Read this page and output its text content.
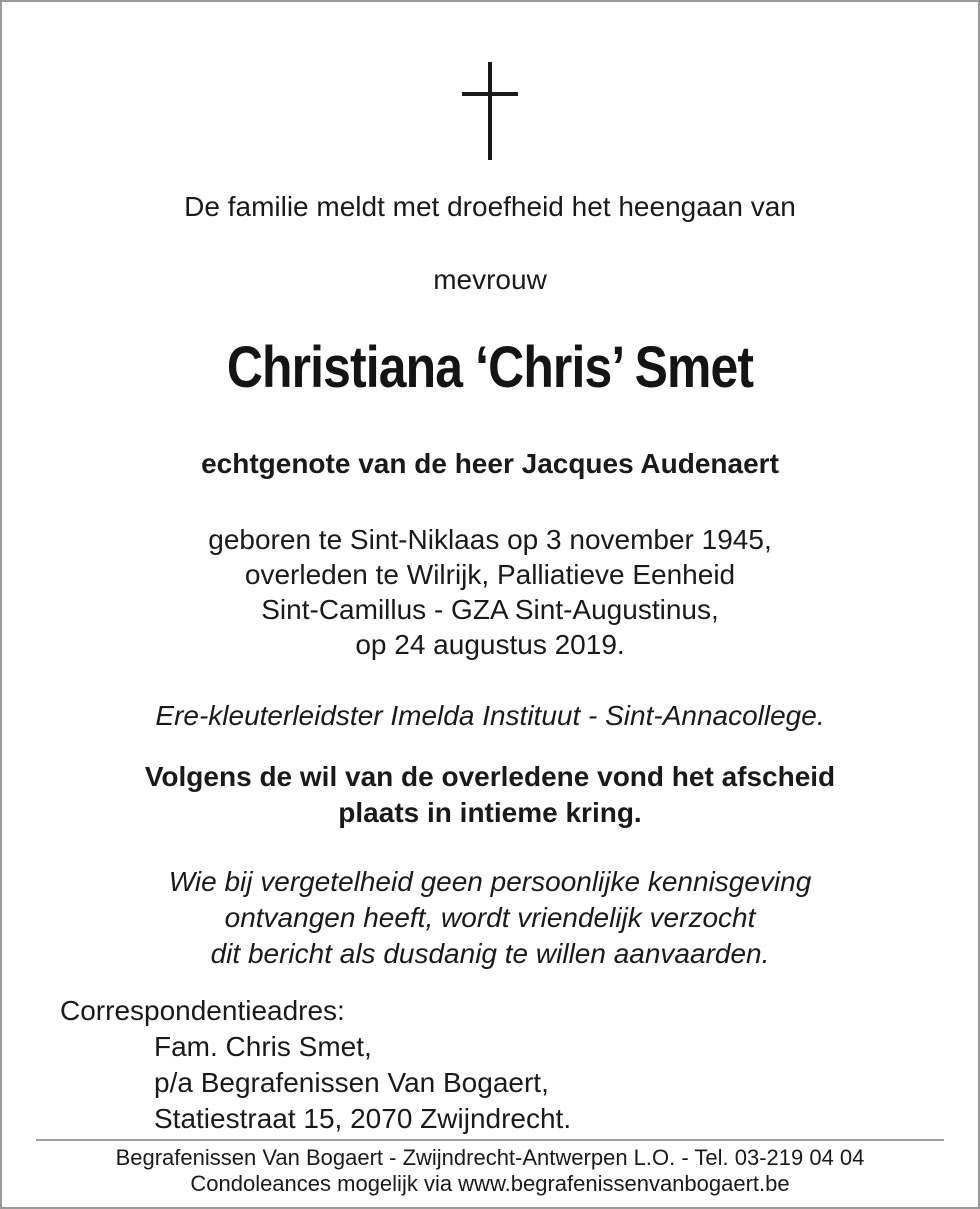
De familie meldt met droefheid het heengaan van
mevrouw
Christiana ‘Chris’ Smet
echtgenote van de heer Jacques Audenaert
geboren te Sint-Niklaas op 3 november 1945,
overleden te Wilrijk, Palliatieve Eenheid
Sint-Camillus - GZA Sint-Augustinus,
op 24 augustus 2019.
Ere-kleuterleidster Imelda Instituut - Sint-Annacollege.
Volgens de wil van de overledene vond het afscheid
plaats in intieme kring.
Wie bij vergetelheid geen persoonlijke kennisgeving
ontvangen heeft, wordt vriendelijk verzocht
dit bericht als dusdanig te willen aanvaarden.
Correspondentieadres:
Fam. Chris Smet,
p/a Begrafenissen Van Bogaert,
Statiestraat 15, 2070 Zwijndrecht.
Begrafenissen Van Bogaert - Zwijndrecht-Antwerpen L.O. - Tel. 03-219 04 04
Condoleances mogelijk via www.begrafenissenvanbogaert.be
